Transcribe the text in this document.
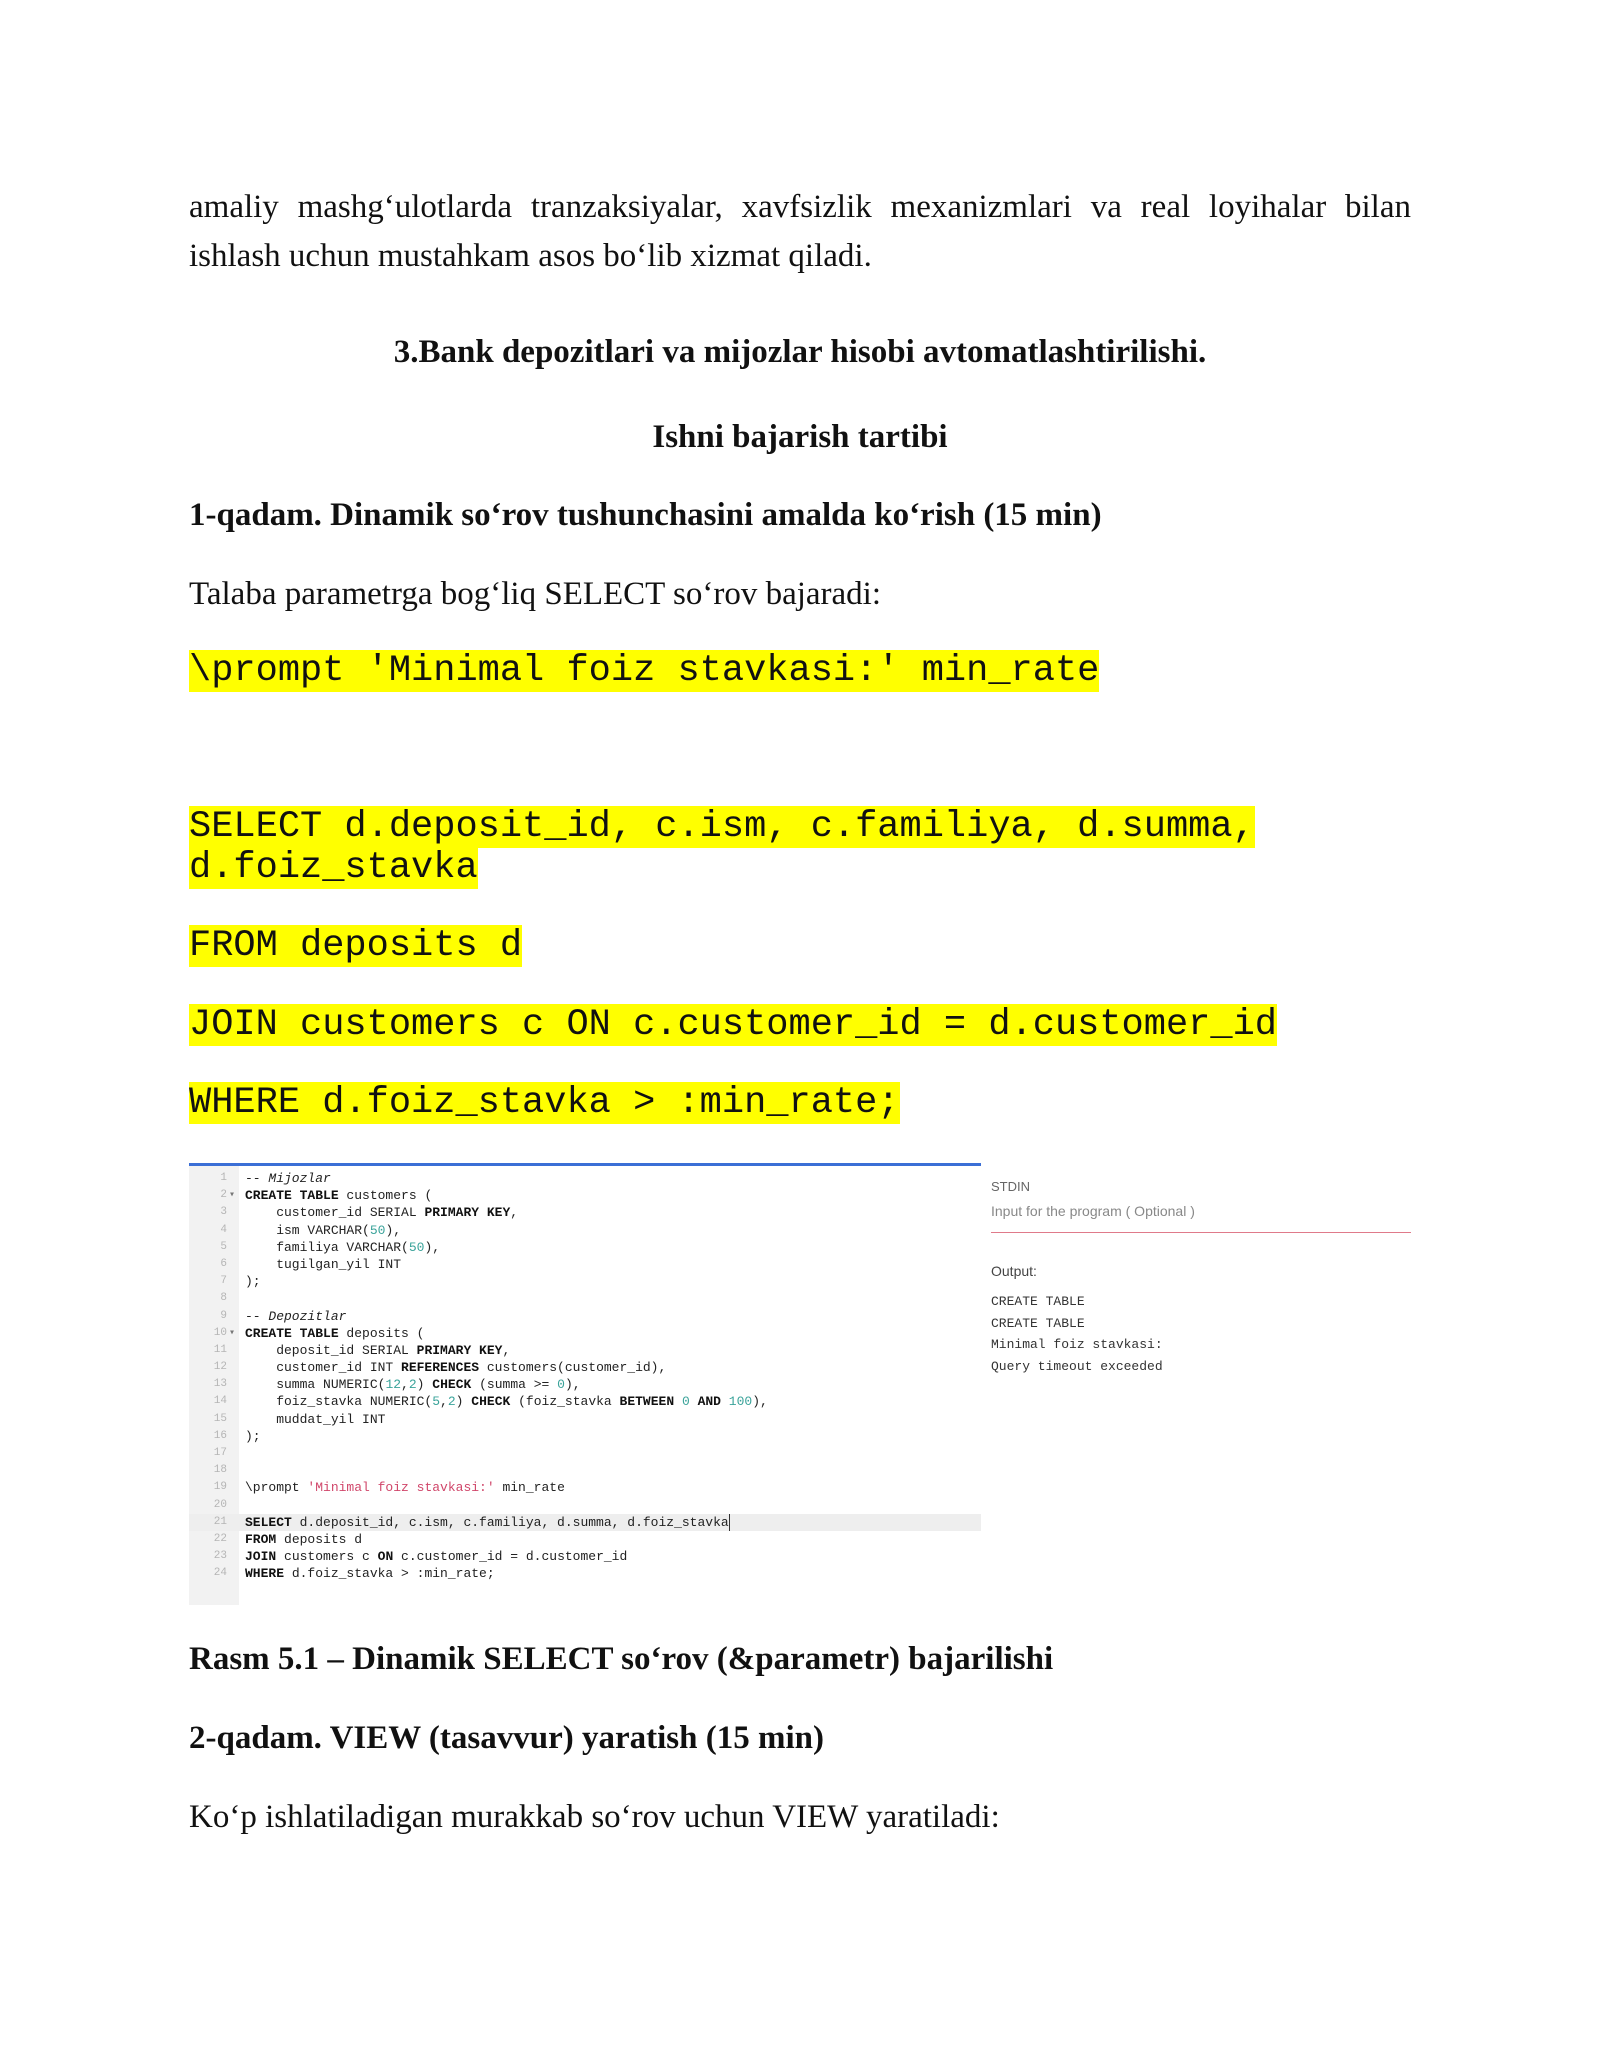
amaliy mashg‘ulotlarda tranzaksiyalar, xavfsizlik mexanizmlari va real loyihalar bilan ishlash uchun mustahkam asos bo‘lib xizmat qiladi.

3.Bank depozitlari va mijozlar hisobi avtomatlashtirilishi.
Ishni bajarish tartibi
1-qadam. Dinamik so‘rov tushunchasini amalda ko‘rish (15 min)
Talaba parametrga bog‘liq SELECT so‘rov bajaradi:
\prompt 'Minimal foiz stavkasi:' min_rate
SELECT d.deposit_id, c.ism, c.familiya, d.summa, d.foiz_stavka
FROM deposits d
JOIN customers c ON c.customer_id = d.customer_id
WHERE d.foiz_stavka > :min_rate;
1 -- Mijozlar
2 ▾ CREATE TABLE customers (
3 customer_id SERIAL PRIMARY KEY,
4 ism VARCHAR(50),
5 familiya VARCHAR(50),
6 tugilgan_yil INT
7 );
8
9 -- Depozitlar
10 ▾ CREATE TABLE deposits (
11 deposit_id SERIAL PRIMARY KEY,
12 customer_id INT REFERENCES customers(customer_id),
13 summa NUMERIC(12,2) CHECK (summa >= 0),
14 foiz_stavka NUMERIC(5,2) CHECK (foiz_stavka BETWEEN 0 AND 100),
15 muddat_yil INT
16 );
17
18
19 \prompt 'Minimal foiz stavkasi:' min_rate
20
21 SELECT d.deposit_id, c.ism, c.familiya, d.summa, d.foiz_stavka
22 FROM deposits d
23 JOIN customers c ON c.customer_id = d.customer_id
24 WHERE d.foiz_stavka > :min_rate;
STDIN
Input for the program ( Optional )
Output:
CREATE TABLE
CREATE TABLE
Minimal foiz stavkasi:
Query timeout exceeded
Rasm 5.1 – Dinamik SELECT so‘rov (&parametr) bajarilishi
2-qadam. VIEW (tasavvur) yaratish (15 min)
Ko‘p ishlatiladigan murakkab so‘rov uchun VIEW yaratiladi:
